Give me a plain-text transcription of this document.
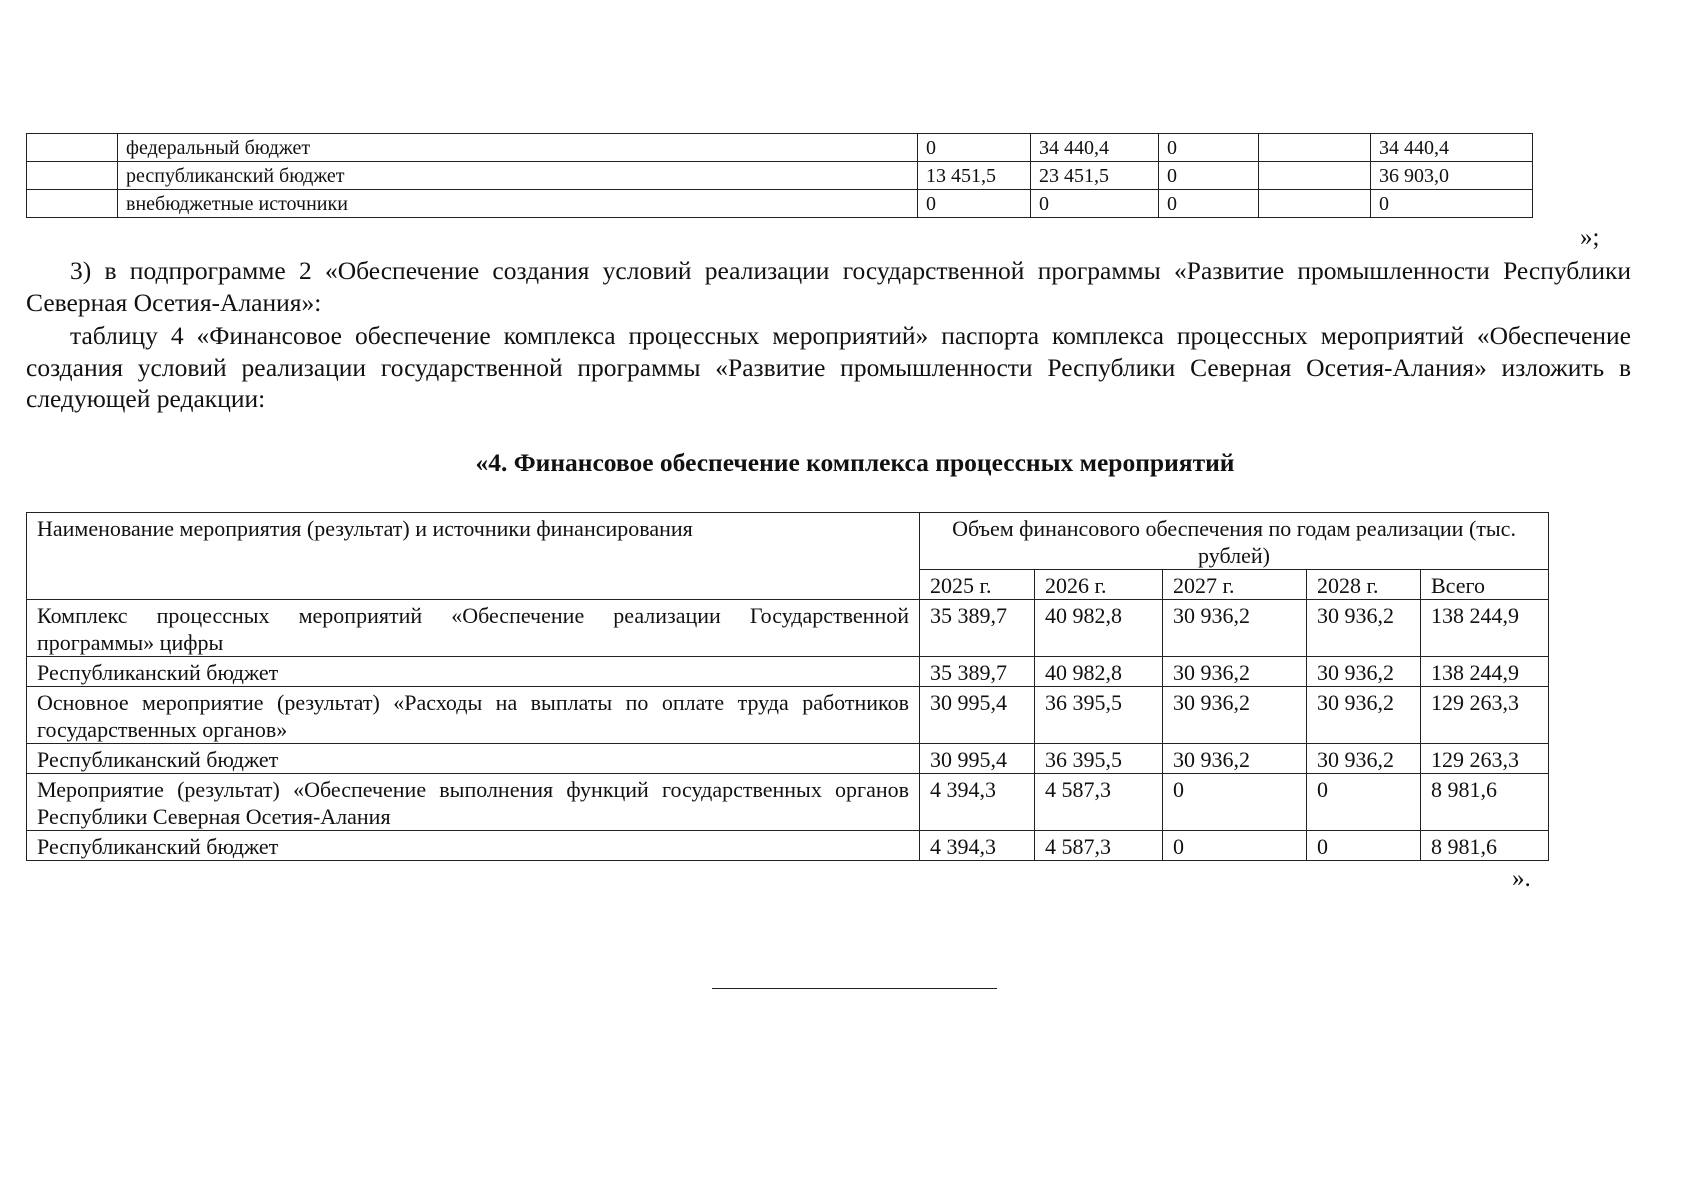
	федеральный бюджет	0	34 440,4	0		34 440,4
	республиканский бюджет	13 451,5	23 451,5	0		36 903,0
	внебюджетные источники	0	0	0		0
»;

3) в подпрограмме 2 «Обеспечение создания условий реализации государственной программы «Развитие промышленности Республики Северная Осетия-Алания»:

таблицу 4 «Финансовое обеспечение комплекса процессных мероприятий» паспорта комплекса процессных мероприятий «Обеспечение создания условий реализации государственной программы «Развитие промышленности Республики Северная Осетия-Алания» изложить в следующей редакции:

«4. Финансовое обеспечение комплекса процессных мероприятий
Наименование мероприятия (результат) и источники финансирования	Объем финансового обеспечения по годам реализации (тыс. рублей)				
	2025 г.	2026 г.	2027 г.	2028 г.	Всего
Комплекс процессных мероприятий «Обеспечение реализации Государственной программы» цифры	35 389,7	40 982,8	30 936,2	30 936,2	138 244,9
Республиканский бюджет	35 389,7	40 982,8	30 936,2	30 936,2	138 244,9
Основное мероприятие (результат) «Расходы на выплаты по оплате труда работников государственных органов»	30 995,4	36 395,5	30 936,2	30 936,2	129 263,3
Республиканский бюджет	30 995,4	36 395,5	30 936,2	30 936,2	129 263,3
Мероприятие (результат) «Обеспечение выполнения функций государственных органов Республики Северная Осетия-Алания	4 394,3	4 587,3	0	0	8 981,6
Республиканский бюджет	4 394,3	4 587,3	0	0	8 981,6
».
